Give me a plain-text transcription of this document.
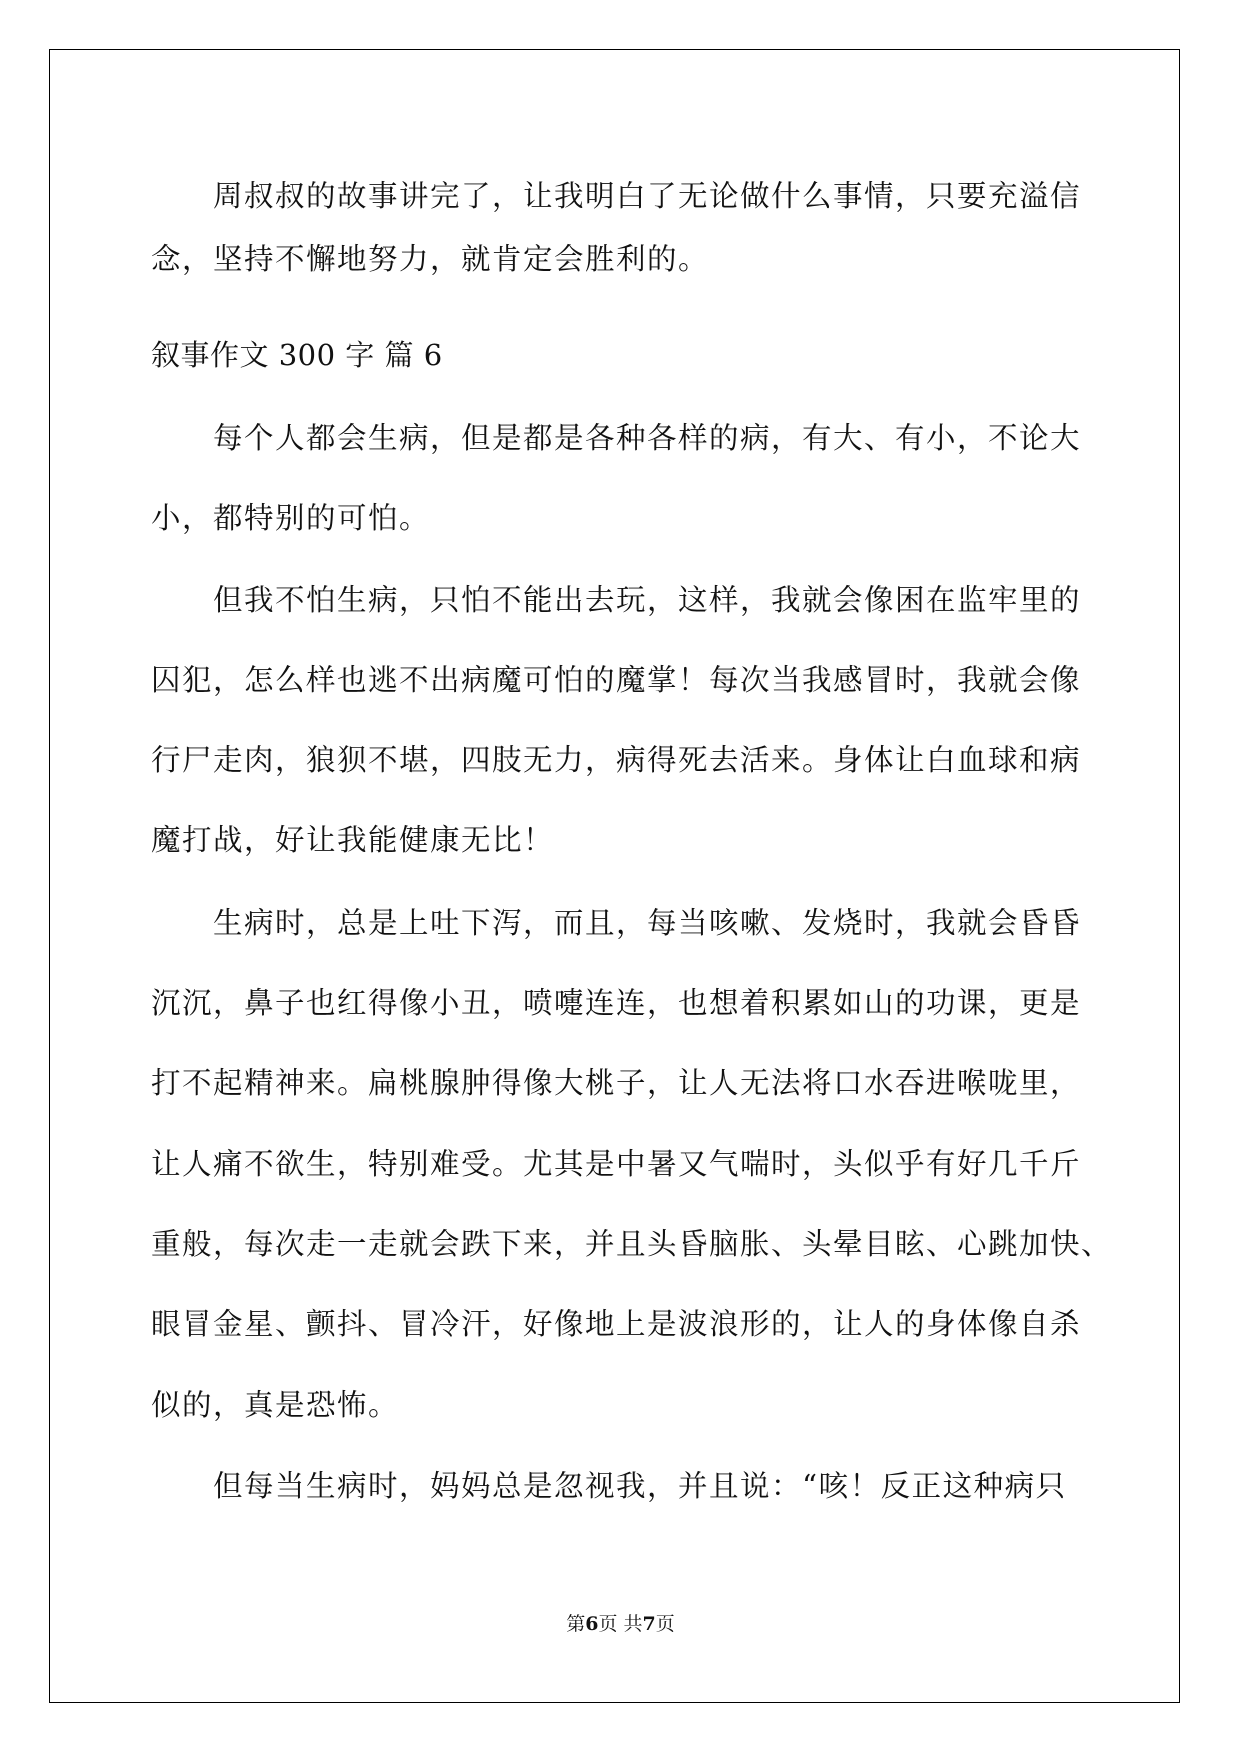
周叔叔的故事讲完了，让我明白了无论做什么事情，只要充溢信
念，坚持不懈地努力，就肯定会胜利的。
叙事作文 300 字 篇 6
每个人都会生病，但是都是各种各样的病，有大、有小，不论大
小，都特别的可怕。
但我不怕生病，只怕不能出去玩，这样，我就会像困在监牢里的
囚犯，怎么样也逃不出病魔可怕的魔掌！每次当我感冒时，我就会像
行尸走肉，狼狈不堪，四肢无力，病得死去活来。身体让白血球和病
魔打战，好让我能健康无比！
生病时，总是上吐下泻，而且，每当咳嗽、发烧时，我就会昏昏
沉沉，鼻子也红得像小丑，喷嚏连连，也想着积累如山的功课，更是
打不起精神来。扁桃腺肿得像大桃子，让人无法将口水吞进喉咙里，
让人痛不欲生，特别难受。尤其是中暑又气喘时，头似乎有好几千斤
重般，每次走一走就会跌下来，并且头昏脑胀、头晕目眩、心跳加快、
眼冒金星、颤抖、冒冷汗，好像地上是波浪形的，让人的身体像自杀
似的，真是恐怖。
但每当生病时，妈妈总是忽视我，并且说：“咳！反正这种病只
第6页 共7页
